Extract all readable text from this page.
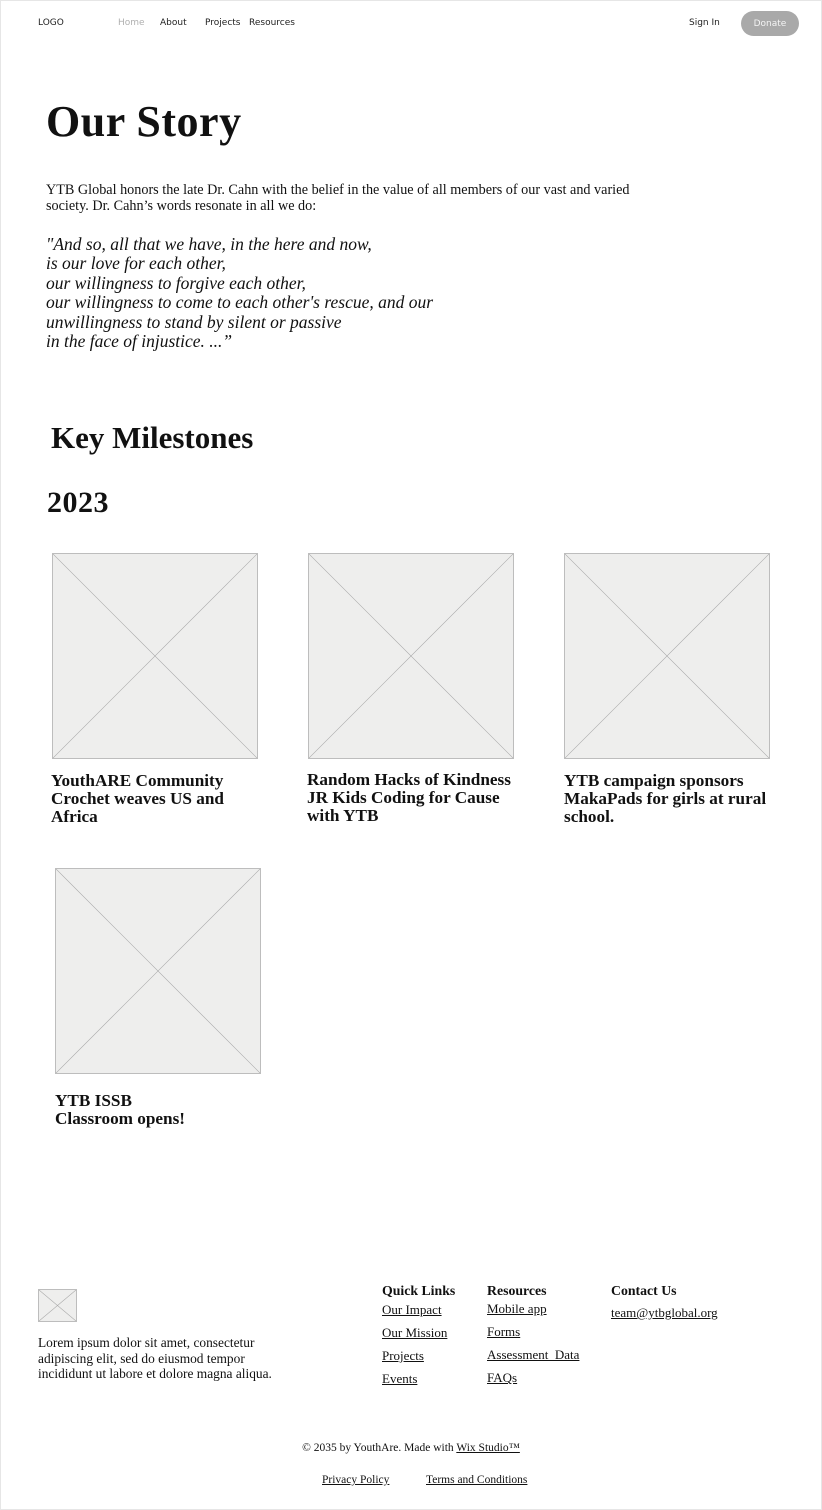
LOGO	Home About Projects Resources	Sign In	Donate
Our Story
YTB Global honors the late Dr. Cahn with the belief in the value of all members of our vast and varied society. Dr. Cahn’s words resonate in all we do:
"And so, all that we have, in the here and now,
is our love for each other,
our willingness to forgive each other,
our willingness to come to each other's rescue, and our
unwillingness to stand by silent or passive
in the face of injustice. ...”
Key Milestones
2023
YouthARE Community Crochet weaves US and Africa
Random Hacks of Kindness JR Kids Coding for Cause with YTB
YTB campaign sponsors MakaPads for girls at rural school.
YTB ISSB
Classroom opens!
Lorem ipsum dolor sit amet, consectetur adipiscing elit, sed do eiusmod tempor incididunt ut labore et dolore magna aliqua.
Quick Links
Our Impact
Our Mission
Projects
Events
Resources
Mobile app
Forms
Assessment  Data
FAQs
Contact Us
team@ytbglobal.org
© 2035 by YouthAre. Made with Wix Studio™
Privacy Policy	Terms and Conditions
